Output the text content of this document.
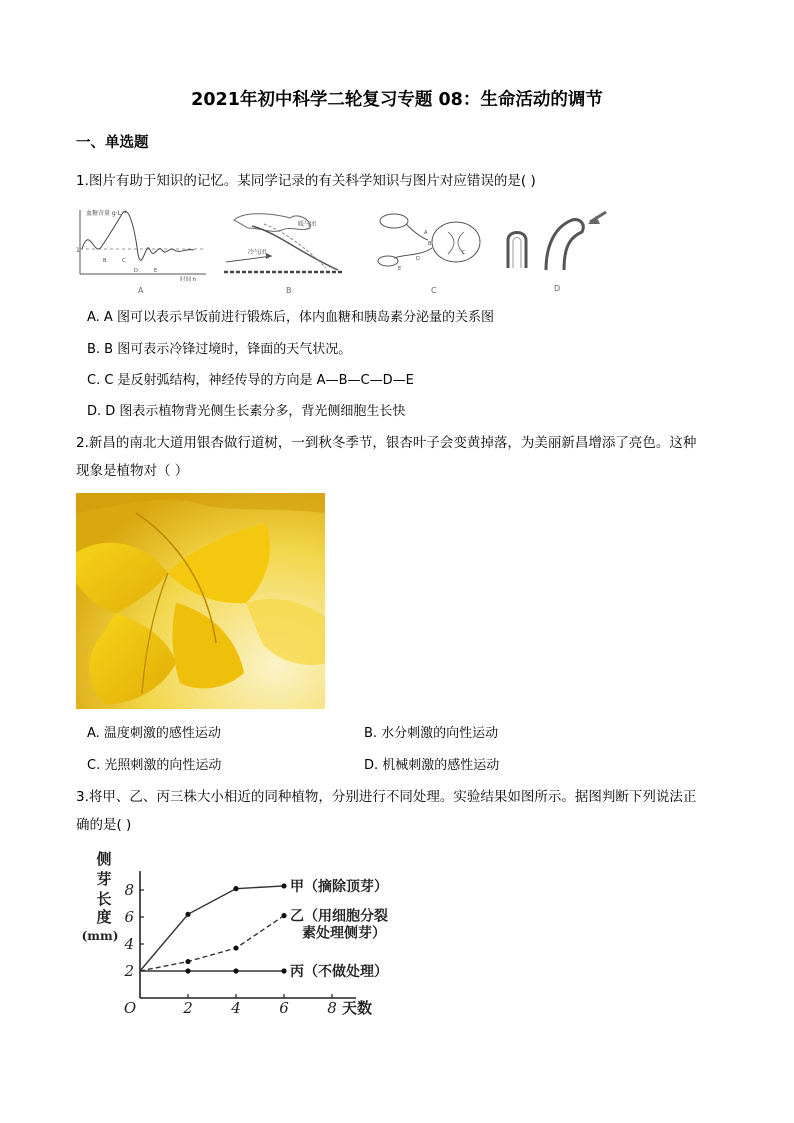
2021年初中科学二轮复习专题 08：生命活动的调节
一、单选题
1.图片有助于知识的记忆。某同学记录的有关科学知识与图片对应错误的是( )
血糖含量 g·L⁻¹
1
B	C
D	E
时间 h
A
冷气团
暖气团
B
A
B
C
D
E
C	D
A. A 图可以表示早饭前进行锻炼后，体内血糖和胰岛素分泌量的关系图
B. B 图可表示冷锋过境时，锋面的天气状况。
C. C 是反射弧结构，神经传导的方向是 A—B—C—D—E
D. D 图表示植物背光侧生长素分多，背光侧细胞生长快
2.新昌的南北大道用银杏做行道树，一到秋冬季节，银杏叶子会变黄掉落，为美丽新昌增添了亮色。这种
现象是植物对（ ）
A. 温度刺激的感性运动	B. 水分刺激的向性运动
C. 光照刺激的向性运动	D. 机械刺激的感性运动
3.将甲、乙、丙三株大小相近的同种植物，分别进行不同处理。实验结果如图所示。据图判断下列说法正
确的是( )
2	4	6	8
2
4
6
8
O	天数
侧
芽
长
度
(mm)
甲（摘除顶芽）
乙（用细胞分裂
素处理侧芽）
丙（不做处理）
